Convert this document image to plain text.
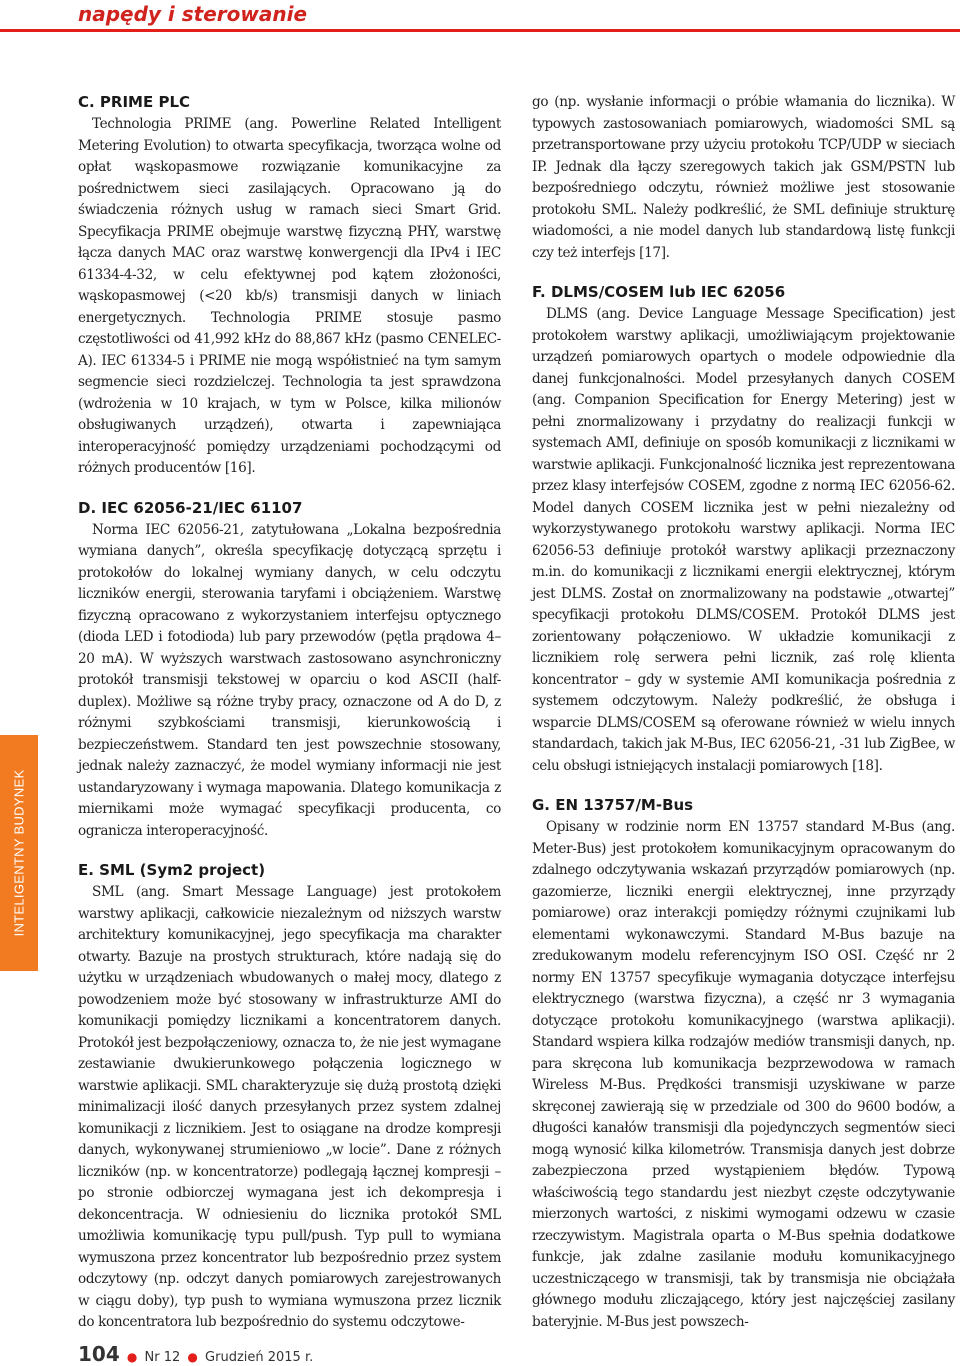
napędy i sterowanie
INTELIGENTNY BUDYNEK
C. PRIME PLC

Technologia PRIME (ang. Powerline Related Intelligent Metering Evolution) to otwarta specyfikacja, tworząca wolne od opłat wąskopasmowe rozwiązanie komunikacyjne za pośrednictwem sieci zasilających. Opracowano ją do świadczenia różnych usług w ramach sieci Smart Grid. Specyfikacja PRIME obejmuje warstwę fizyczną PHY, warstwę łącza danych MAC oraz warstwę konwergencji dla IPv4 i IEC 61334-4-32, w celu efektywnej pod kątem złożoności, wąskopasmowej (<20 kb/s) transmisji danych w liniach energetycznych. Technologia PRIME stosuje pasmo częstotliwości od 41,992 kHz do 88,867 kHz (pasmo CENELEC-A). IEC 61334-5 i PRIME nie mogą współistnieć na tym samym segmencie sieci rozdzielczej. Technologia ta jest sprawdzona (wdrożenia w 10 krajach, w tym w Polsce, kilka milionów obsługiwanych urządzeń), otwarta i zapewniająca interoperacyjność pomiędzy urządzeniami pochodzącymi od różnych producentów [16].

D. IEC 62056-21/IEC 61107

Norma IEC 62056-21, zatytułowana „Lokalna bezpośrednia wymiana danych”, określa specyfikację dotyczącą sprzętu i protokołów do lokalnej wymiany danych, w celu odczytu liczników energii, sterowania taryfami i obciążeniem. Warstwę fizyczną opracowano z wykorzystaniem interfejsu optycznego (dioda LED i fotodioda) lub pary przewodów (pętla prądowa 4–20 mA). W wyższych warstwach zastosowano asynchroniczny protokół transmisji tekstowej w oparciu o kod ASCII (half-duplex). Możliwe są różne tryby pracy, oznaczone od A do D, z różnymi szybkościami transmisji, kierunkowością i bezpieczeństwem. Standard ten jest powszechnie stosowany, jednak należy zaznaczyć, że model wymiany informacji nie jest ustandaryzowany i wymaga mapowania. Dlatego komunikacja z miernikami może wymagać specyfikacji producenta, co ogranicza interoperacyjność.

E. SML (Sym2 project)

SML (ang. Smart Message Language) jest protokołem warstwy aplikacji, całkowicie niezależnym od niższych warstw architektury komunikacyjnej, jego specyfikacja ma charakter otwarty. Bazuje na prostych strukturach, które nadają się do użytku w urządzeniach wbudowanych o małej mocy, dlatego z powodzeniem może być stosowany w infrastrukturze AMI do komunikacji pomiędzy licznikami a koncentratorem danych. Protokół jest bezpołączeniowy, oznacza to, że nie jest wymagane zestawianie dwukierunkowego połączenia logicznego w warstwie aplikacji. SML charakteryzuje się dużą prostotą dzięki minimalizacji ilość danych przesyłanych przez system zdalnej komunikacji z licznikiem. Jest to osiągane na drodze kompresji danych, wykonywanej strumieniowo „w locie”. Dane z różnych liczników (np. w koncentratorze) podlegają łącznej kompresji – po stronie odbiorczej wymagana jest ich dekompresja i dekoncentracja. W odniesieniu do licznika protokół SML umożliwia komunikację typu pull/push. Typ pull to wymiana wymuszona przez koncentrator lub bezpośrednio przez system odczytowy (np. odczyt danych pomiarowych zarejestrowanych w ciągu doby), typ push to wymiana wymuszona przez licznik do koncentratora lub bezpośrednio do systemu odczytowe-

go (np. wysłanie informacji o próbie włamania do licznika). W typowych zastosowaniach pomiarowych, wiadomości SML są przetransportowane przy użyciu protokołu TCP/UDP w sieciach IP. Jednak dla łączy szeregowych takich jak GSM/PSTN lub bezpośredniego odczytu, również możliwe jest stosowanie protokołu SML. Należy podkreślić, że SML definiuje strukturę wiadomości, a nie model danych lub standardową listę funkcji czy też interfejs [17].

F. DLMS/COSEM lub IEC 62056

DLMS (ang. Device Language Message Specification) jest protokołem warstwy aplikacji, umożliwiającym projektowanie urządzeń pomiarowych opartych o modele odpowiednie dla danej funkcjonalności. Model przesyłanych danych COSEM (ang. Companion Specification for Energy Metering) jest w pełni znormalizowany i przydatny do realizacji funkcji w systemach AMI, definiuje on sposób komunikacji z licznikami w warstwie aplikacji. Funkcjonalność licznika jest reprezentowana przez klasy interfejsów COSEM, zgodne z normą IEC 62056-62. Model danych COSEM licznika jest w pełni niezależny od wykorzystywanego protokołu warstwy aplikacji. Norma IEC 62056-53 definiuje protokół warstwy aplikacji przeznaczony m.in. do komunikacji z licznikami energii elektrycznej, którym jest DLMS. Został on znormalizowany na podstawie „otwartej” specyfikacji protokołu DLMS/COSEM. Protokół DLMS jest zorientowany połączeniowo. W układzie komunikacji z licznikiem rolę serwera pełni licznik, zaś rolę klienta koncentrator – gdy w systemie AMI komunikacja pośrednia z systemem odczytowym. Należy podkreślić, że obsługa i wsparcie DLMS/COSEM są oferowane również w wielu innych standardach, takich jak M-Bus, IEC 62056-21, -31 lub ZigBee, w celu obsługi istniejących instalacji pomiarowych [18].

G. EN 13757/M-Bus

Opisany w rodzinie norm EN 13757 standard M-Bus (ang. Meter-Bus) jest protokołem komunikacyjnym opracowanym do zdalnego odczytywania wskazań przyrządów pomiarowych (np. gazomierze, liczniki energii elektrycznej, inne przyrządy pomiarowe) oraz interakcji pomiędzy różnymi czujnikami lub elementami wykonawczymi. Standard M-Bus bazuje na zredukowanym modelu referencyjnym ISO OSI. Część nr 2 normy EN 13757 specyfikuje wymagania dotyczące interfejsu elektrycznego (warstwa fizyczna), a część nr 3 wymagania dotyczące protokołu komunikacyjnego (warstwa aplikacji). Standard wspiera kilka rodzajów mediów transmisji danych, np. para skręcona lub komunikacja bezprzewodowa w ramach Wireless M-Bus. Prędkości transmisji uzyskiwane w parze skręconej zawierają się w przedziale od 300 do 9600 bodów, a długości kanałów transmisji dla pojedynczych segmentów sieci mogą wynosić kilka kilometrów. Transmisja danych jest dobrze zabezpieczona przed wystąpieniem błędów. Typową właściwością tego standardu jest niezbyt częste odczytywanie mierzonych wartości, z niskimi wymogami odzewu w czasie rzeczywistym. Magistrala oparta o M-Bus spełnia dodatkowe funkcje, jak zdalne zasilanie modułu komunikacyjnego uczestniczącego w transmisji, tak by transmisja nie obciążała głównego modułu zliczającego, który jest najczęściej zasilany bateryjnie. M-Bus jest powszech-

104 ● Nr 12 ● Grudzień 2015 r.
